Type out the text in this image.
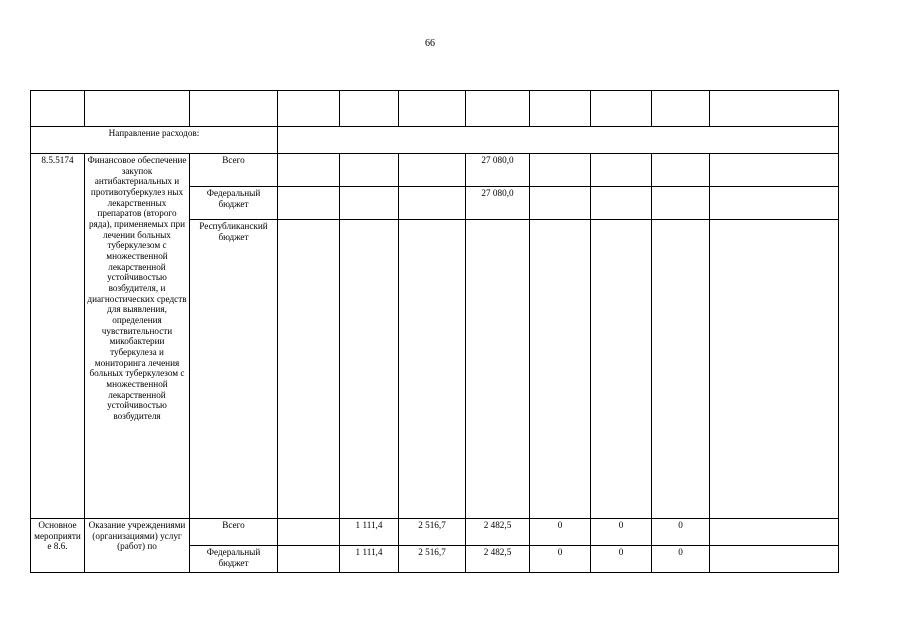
66

Направление расходов:										
8.5.5174	Финансовое обеспечение закупок антибактериальных и противотуберкулез ных лекарственных препаратов (второго ряда), применяемых при лечении больных туберкулезом с множественной лекарственной устойчивостью возбудителя, и диагностических средств для выявления, определения чувствительности микобактерии туберкулеза и мониторинга лечения больных туберкулезом с множественной лекарственной устойчивостью возбудителя	Всего				27 080,0				
		Федеральный бюджет				27 080,0				
		Республиканский бюджет								
Основное мероприятие 8.6.	Оказание учреждениями (организациями) услуг (работ) по	Всего		1 111,4	2 516,7	2 482,5	0	0	0	
		Федеральный бюджет		1 111,4	2 516,7	2 482,5	0	0	0	
